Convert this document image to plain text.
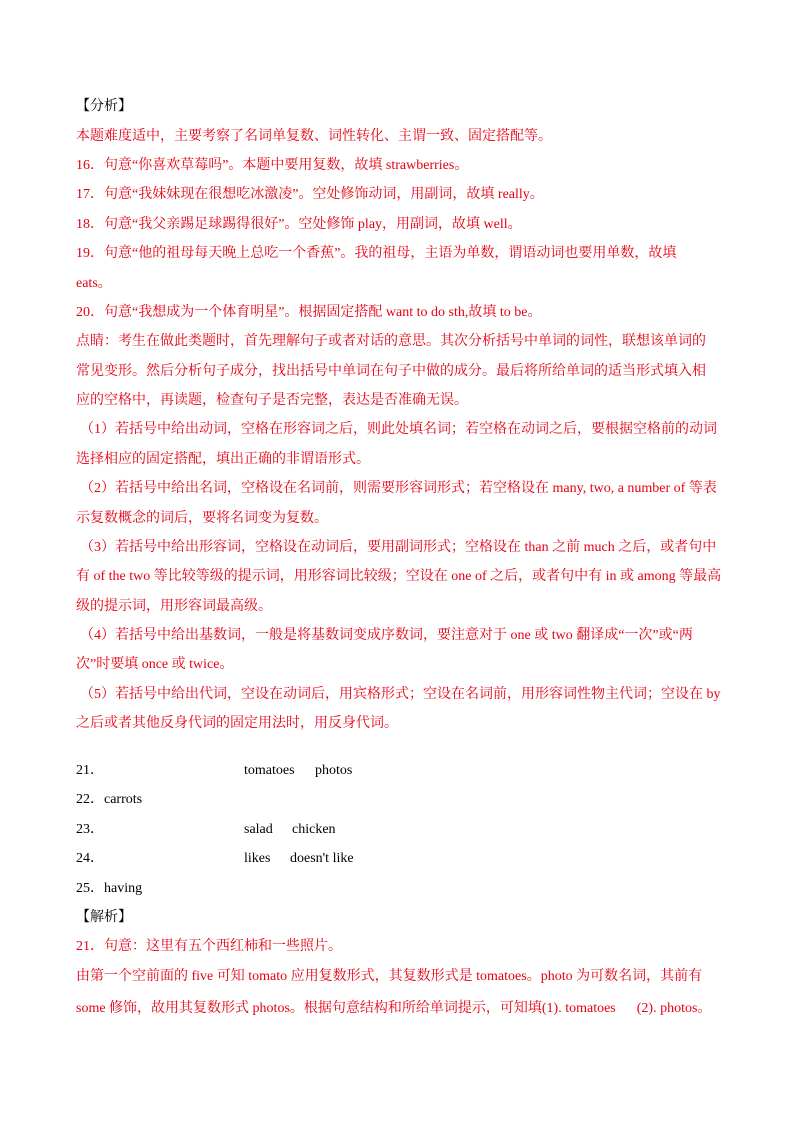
【分析】
本题难度适中，主要考察了名词单复数、词性转化、主谓一致、固定搭配等。
16．句意“你喜欢草莓吗”。本题中要用复数，故填 strawberries。
17．句意“我妹妹现在很想吃冰激凌”。空处修饰动词，用副词，故填 really。
18．句意“我父亲踢足球踢得很好”。空处修饰 play，用副词，故填 well。
19．句意“他的祖母每天晚上总吃一个香蕉”。我的祖母，主语为单数，谓语动词也要用单数，故填
eats。
20．句意“我想成为一个体育明星”。根据固定搭配 want to do sth,故填 to be。
点睛：考生在做此类题时，首先理解句子或者对话的意思。其次分析括号中单词的词性，联想该单词的
常见变形。然后分析句子成分，找出括号中单词在句子中做的成分。最后将所给单词的适当形式填入相
应的空格中，再读题，检查句子是否完整，表达是否准确无误。
（1）若括号中给出动词，空格在形容词之后，则此处填名词；若空格在动词之后，要根据空格前的动词
选择相应的固定搭配，填出正确的非谓语形式。
（2）若括号中给出名词，空格设在名词前，则需要形容词形式；若空格设在 many, two, a number of 等表
示复数概念的词后，要将名词变为复数。
（3）若括号中给出形容词，空格设在动词后，要用副词形式；空格设在 than 之前 much 之后，或者句中
有 of the two 等比较等级的提示词，用形容词比较级；空设在 one of 之后，或者句中有 in 或 among 等最高
级的提示词，用形容词最高级。
（4）若括号中给出基数词，一般是将基数词变成序数词，要注意对于 one 或 two 翻译成“一次”或“两
次”时要填 once 或 twice。
（5）若括号中给出代词，空设在动词后，用宾格形式；空设在名词前，用形容词性物主代词；空设在 by
之后或者其他反身代词的固定用法时，用反身代词。
21．	tomatoes photos
22．carrots
23．	salad chicken
24．	likes doesn't like
25．having
【解析】
21．句意：这里有五个西红柿和一些照片。
由第一个空前面的 five 可知 tomato 应用复数形式，其复数形式是 tomatoes。photo 为可数名词，其前有
some 修饰，故用其复数形式 photos。根据句意结构和所给单词提示，可知填(1). tomatoes      (2). photos。
